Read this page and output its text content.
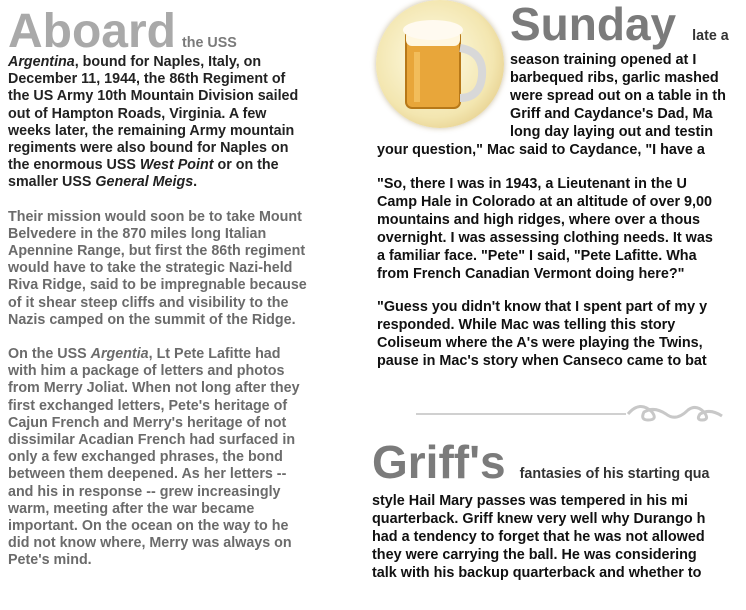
Aboard the USS
Argentina, bound for Naples, Italy, on December 11, 1944, the 86th Regiment of the US Army 10th Mountain Division sailed out of Hampton Roads, Virginia. A few weeks later, the remaining Army mountain regiments were also bound for Naples on the enormous USS West Point or on the smaller USS General Meigs.

Their mission would soon be to take Mount Belvedere in the 870 miles long Italian Apennine Range, but first the 86th regiment would have to take the strategic Nazi-held Riva Ridge, said to be impregnable because of it shear steep cliffs and visibility to the Nazis camped on the summit of the Ridge.

On the USS Argentia, Lt Pete Lafitte had with him a package of letters and photos from Merry Joliat. When not long after they first exchanged letters, Pete's heritage of Cajun French and Merry's heritage of not dissimilar Acadian French had surfaced in only a few exchanged phrases, the bond between them deepened. As her letters -- and his in response -- grew increasingly warm, meeting after the war became important. On the ocean on the way to he did not know where, Merry was always on Pete's mind.

Sunday late a
season training opened at I
barbequed ribs, garlic mashed
were spread out on a table in th
Griff and Caydance's Dad, Ma
long day laying out and testin
your question," Mac said to Caydance, "I have a
"So, there I was in 1943, a Lieutenant in the U
Camp Hale in Colorado at an altitude of over 9,00
mountains and high ridges, where over a thous
overnight. I was assessing clothing needs. It was
a familiar face. "Pete" I said, "Pete Lafitte. Wha
from French Canadian Vermont doing here?"
"Guess you didn't know that I spent part of my y
responded. While Mac was telling this story
Coliseum where the A's were playing the Twins,
pause in Mac's story when Canseco came to bat
Griff's fantasies of his starting qua
style Hail Mary passes was tempered in his mi
quarterback. Griff knew very well why Durango h
had a tendency to forget that he was not allowed
they were carrying the ball. He was considering
talk with his backup quarterback and whether to
